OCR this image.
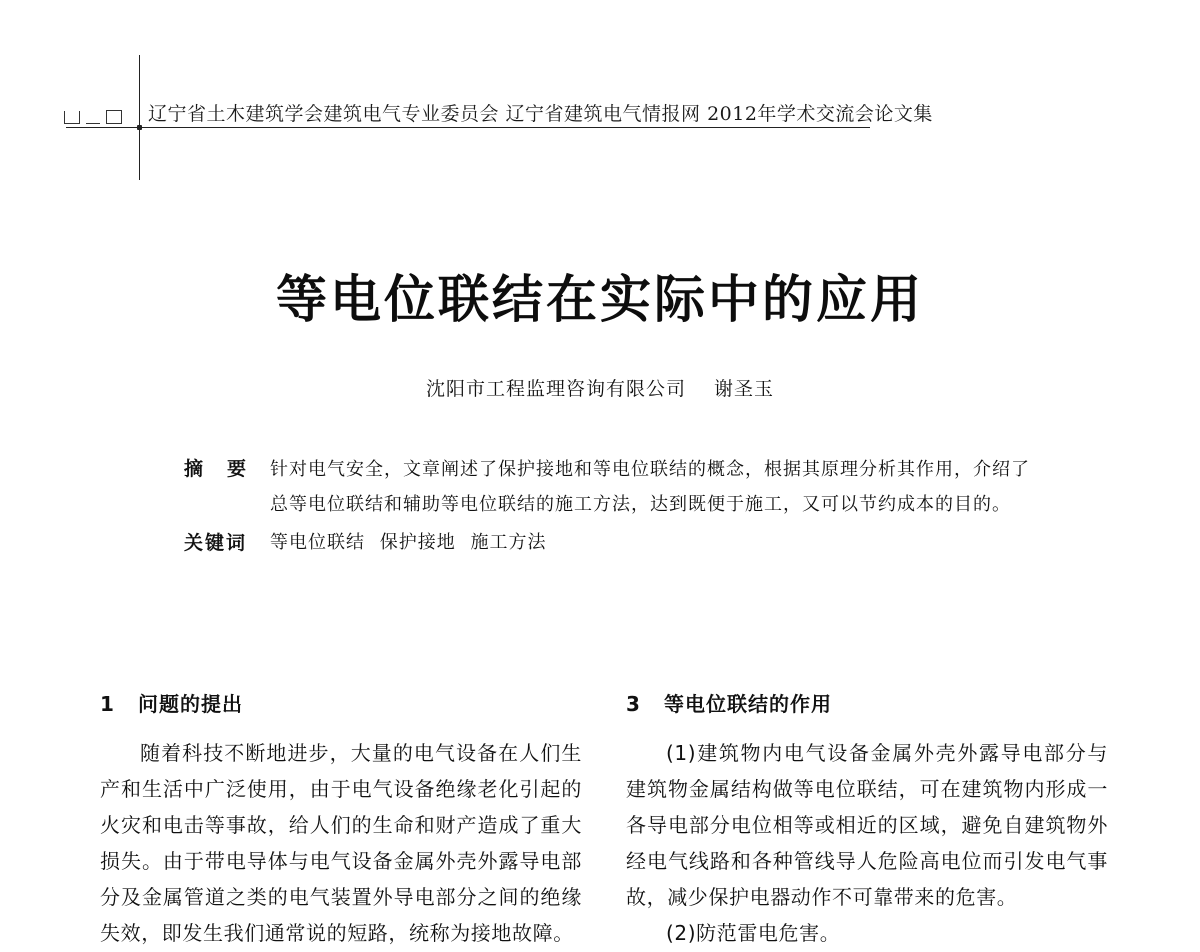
辽宁省土木建筑学会建筑电气专业委员会 辽宁省建筑电气情报网 2012年学术交流会论文集
等电位联结在实际中的应用
沈阳市工程监理咨询有限公司 谢圣玉
摘要 针对电气安全，文章阐述了保护接地和等电位联结的概念，根据其原理分析其作用，介绍了总等电位联结和辅助等电位联结的施工方法，达到既便于施工，又可以节约成本的目的。
关键词	等电位联结 保护接地 施工方法
1 问题的提出

随着科技不断地进步，大量的电气设备在人们生产和生活中广泛使用，由于电气设备绝缘老化引起的火灾和电击等事故，给人们的生命和财产造成了重大损失。由于带电导体与电气设备金属外壳外露导电部分及金属管道之类的电气装置外导电部分之间的绝缘失效，即发生我们通常说的短路，统称为接地故障。

3 等电位联结的作用

(1)建筑物内电气设备金属外壳外露导电部分与建筑物金属结构做等电位联结，可在建筑物内形成一各导电部分电位相等或相近的区域，避免自建筑物外经电气线路和各种管线导人危险高电位而引发电气事故，减少保护电器动作不可靠带来的危害。

(2)防范雷电危害。
